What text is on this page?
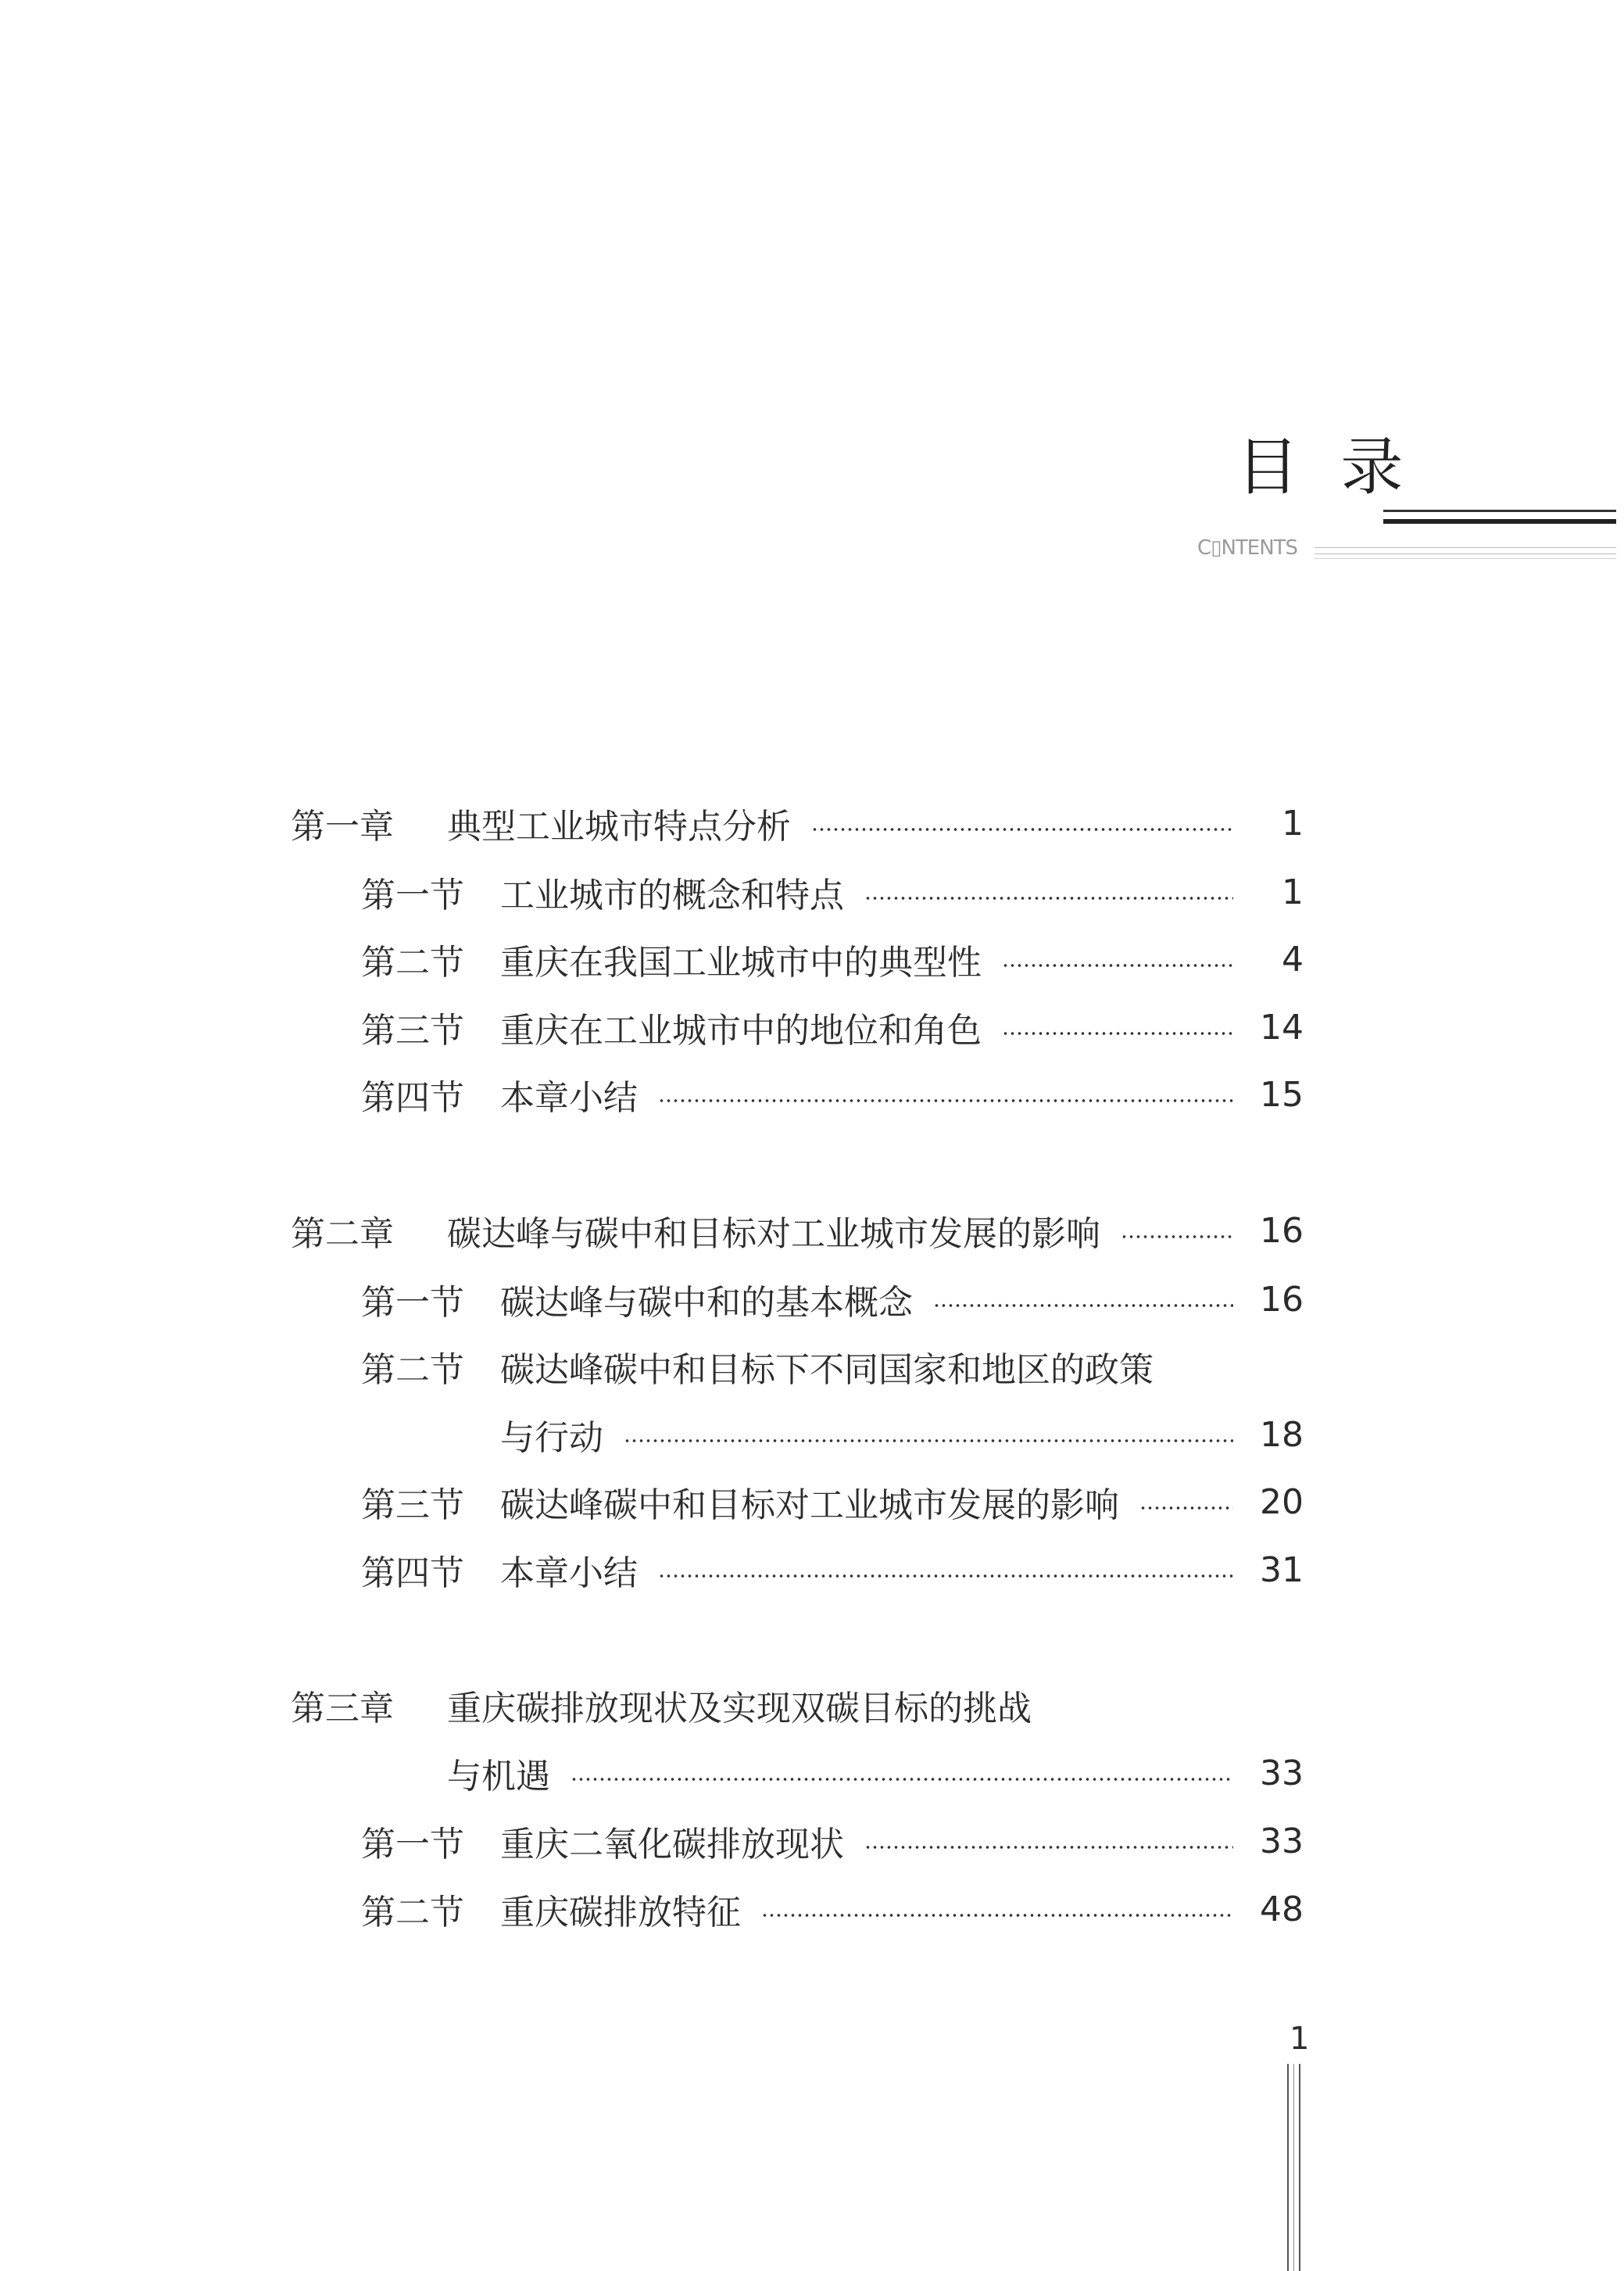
目 录
C▯NTENTS
第一章	典型工业城市特点分析	1
第一节	工业城市的概念和特点	1
第二节	重庆在我国工业城市中的典型性	4
第三节	重庆在工业城市中的地位和角色	14
第四节	本章小结	15
第二章	碳达峰与碳中和目标对工业城市发展的影响	16
第一节	碳达峰与碳中和的基本概念	16
第二节	碳达峰碳中和目标下不同国家和地区的政策
与行动	18
第三节	碳达峰碳中和目标对工业城市发展的影响	20
第四节	本章小结	31
第三章	重庆碳排放现状及实现双碳目标的挑战
与机遇	33
第一节	重庆二氧化碳排放现状	33
第二节	重庆碳排放特征	48
1
